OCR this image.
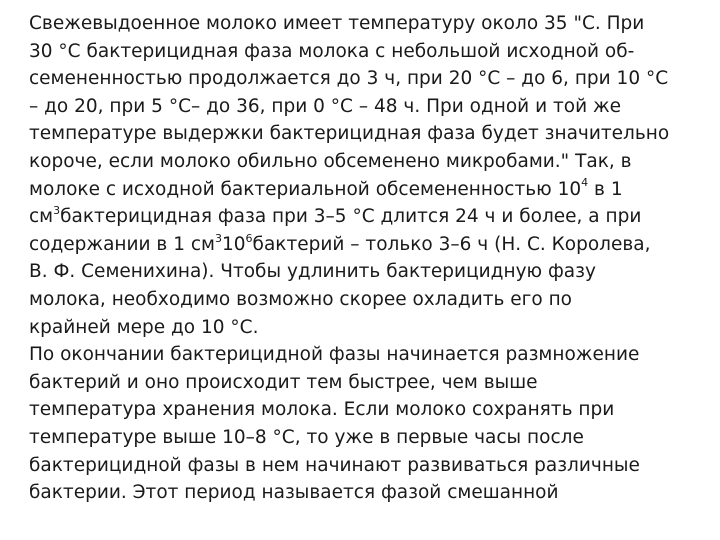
Свежевыдоенное молоко имеет температуру около 35 "С. При
30 °С бактерицидная фаза молока с небольшой исходной об-
семененностью продолжается до 3 ч, при 20 °С – до 6, при 10 °С
– до 20, при 5 °С– до 36, при 0 °С – 48 ч. При одной и той же
температуре выдержки бактерицидная фаза будет значительно
короче, если молоко обильно обсеменено микробами." Так, в
молоке с исходной бактериальной обсемененностью $10^4$ в 1
$см^3бактерицидная$ фаза при 3–5 °С длится 24 ч и более, а при
содержании в 1 $см^310^6бактерий$ – только 3–6 ч (Н. С. Королева,
В. Ф. Семенихина). Чтобы удлинить бактерицидную фазу
молока, необходимо возможно скорее охладить его по
крайней мере до 10 °С.
По окончании бактерицидной фазы начинается размножение
бактерий и оно происходит тем быстрее, чем выше
температура хранения молока. Если молоко сохранять при
температуре выше 10–8 °С, то уже в первые часы после
бактерицидной фазы в нем начинают развиваться различные
бактерии. Этот период называется фазой смешанной
